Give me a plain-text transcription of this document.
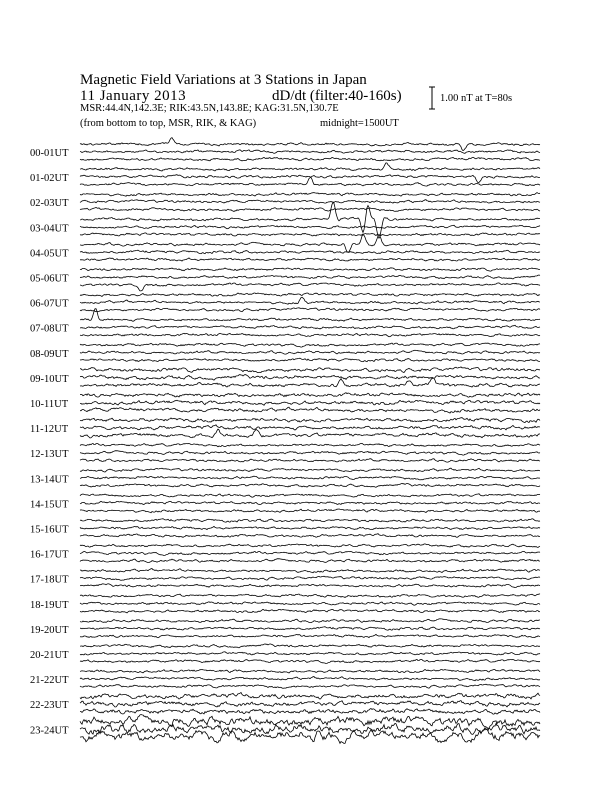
Magnetic Field Variations at 3 Stations in Japan
11 January 2013	dD/dt (filter:40-160s)
MSR:44.4N,142.3E; RIK:43.5N,143.8E; KAG:31.5N,130.7E
(from bottom to top, MSR, RIK, & KAG)	midnight=1500UT
1.00 nT at T=80s
00-01UT
01-02UT
02-03UT
03-04UT
04-05UT
05-06UT
06-07UT
07-08UT
08-09UT
09-10UT
10-11UT
11-12UT
12-13UT
13-14UT
14-15UT
15-16UT
16-17UT
17-18UT
18-19UT
19-20UT
20-21UT
21-22UT
22-23UT
23-24UT
